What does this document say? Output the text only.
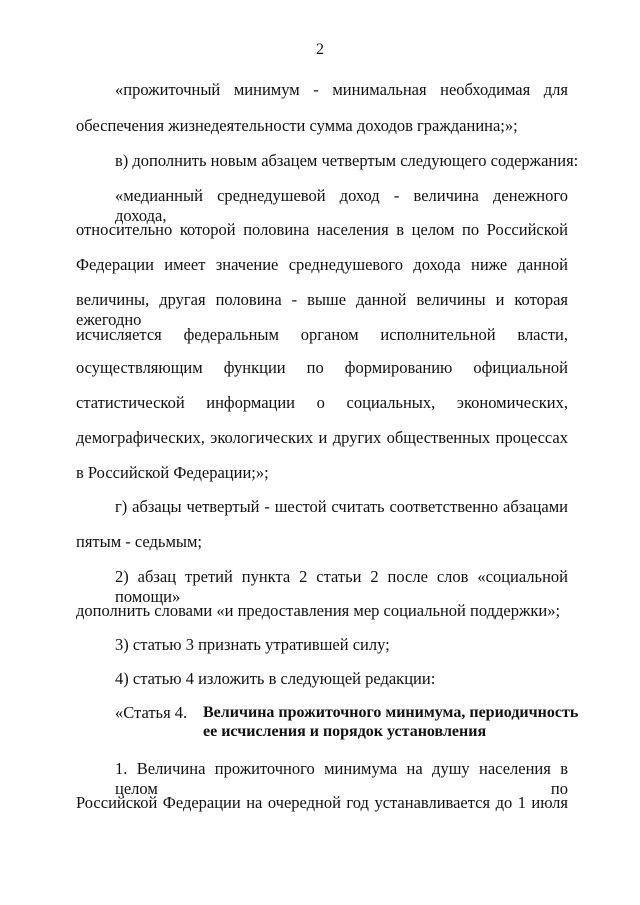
2
«прожиточный минимум - минимальная необходимая для
обеспечения жизнедеятельности сумма доходов гражданина;»;
в) дополнить новым абзацем четвертым следующего содержания:
«медианный среднедушевой доход - величина денежного дохода,
относительно которой половина населения в целом по Российской
Федерации имеет значение среднедушевого дохода ниже данной
величины, другая половина - выше данной величины и которая ежегодно
исчисляется федеральным органом исполнительной власти,
осуществляющим функции по формированию официальной
статистической информации о социальных, экономических,
демографических, экологических и других общественных процессах
в Российской Федерации;»;
г) абзацы четвертый - шестой считать соответственно абзацами
пятым - седьмым;
2) абзац третий пункта 2 статьи 2 после слов «социальной помощи»
дополнить словами «и предоставления мер социальной поддержки»;
3) статью 3 признать утратившей силу;
4) статью 4 изложить в следующей редакции:
«Статья 4. Величина прожиточного минимума, периодичность
ее исчисления и порядок установления
1. Величина прожиточного минимума на душу населения в целом по
Российской Федерации на очередной год устанавливается до 1 июля
